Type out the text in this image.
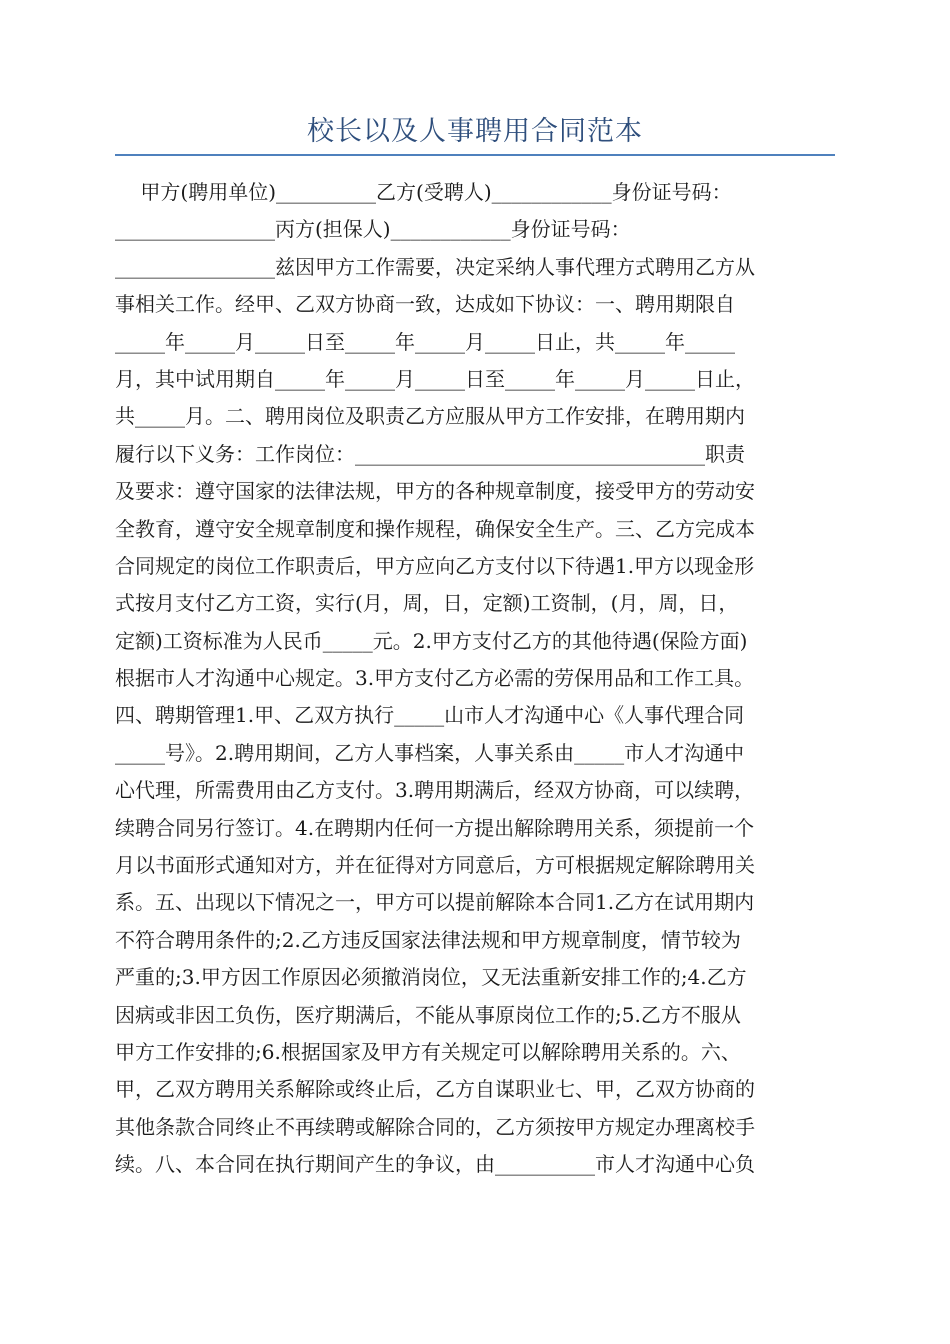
校长以及人事聘用合同范本
甲方(聘用单位)__________乙方(受聘人)____________身份证号码：
________________丙方(担保人)____________身份证号码：
________________兹因甲方工作需要，决定采纳人事代理方式聘用乙方从
事相关工作。经甲、乙双方协商一致，达成如下协议：一、聘用期限自
_____年_____月_____日至_____年_____月_____日止，共_____年_____
月，其中试用期自_____年_____月_____日至_____年_____月_____日止，
共_____月。二、聘用岗位及职责乙方应服从甲方工作安排，在聘用期内
履行以下义务：工作岗位：___________________________________职责
及要求：遵守国家的法律法规，甲方的各种规章制度，接受甲方的劳动安
全教育，遵守安全规章制度和操作规程，确保安全生产。三、乙方完成本
合同规定的岗位工作职责后，甲方应向乙方支付以下待遇1.甲方以现金形
式按月支付乙方工资，实行(月，周，日，定额)工资制，(月，周，日，
定额)工资标准为人民币_____元。2.甲方支付乙方的其他待遇(保险方面)
根据市人才沟通中心规定。3.甲方支付乙方必需的劳保用品和工作工具。
四、聘期管理1.甲、乙双方执行_____山市人才沟通中心《人事代理合同
_____号》。2.聘用期间，乙方人事档案，人事关系由_____市人才沟通中
心代理，所需费用由乙方支付。3.聘用期满后，经双方协商，可以续聘，
续聘合同另行签订。4.在聘期内任何一方提出解除聘用关系，须提前一个
月以书面形式通知对方，并在征得对方同意后，方可根据规定解除聘用关
系。五、出现以下情况之一，甲方可以提前解除本合同1.乙方在试用期内
不符合聘用条件的;2.乙方违反国家法律法规和甲方规章制度，情节较为
严重的;3.甲方因工作原因必须撤消岗位，又无法重新安排工作的;4.乙方
因病或非因工负伤，医疗期满后，不能从事原岗位工作的;5.乙方不服从
甲方工作安排的;6.根据国家及甲方有关规定可以解除聘用关系的。六、
甲，乙双方聘用关系解除或终止后，乙方自谋职业七、甲，乙双方协商的
其他条款合同终止不再续聘或解除合同的，乙方须按甲方规定办理离校手
续。八、本合同在执行期间产生的争议，由__________市人才沟通中心负
